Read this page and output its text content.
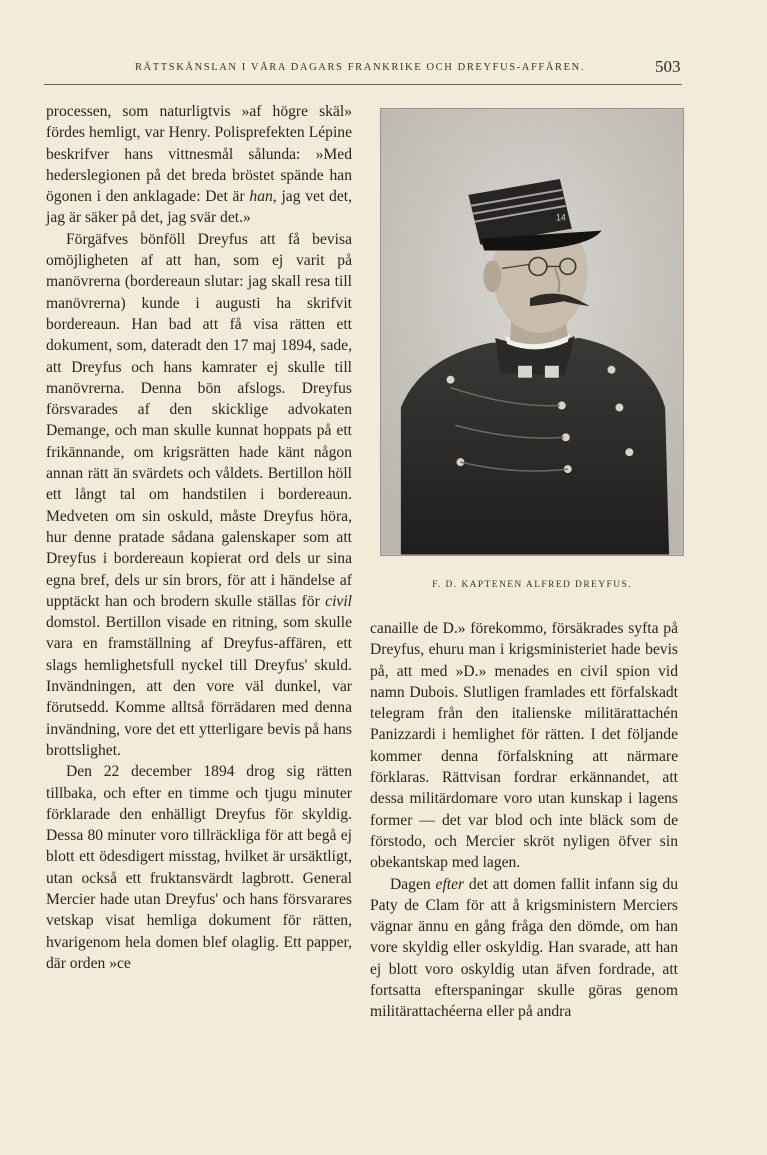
RÄTTSKÄNSLAN I VÅRA DAGARS FRANKRIKE OCH DREYFUS-AFFÄREN.	503

processen, som naturligtvis »af högre skäl» fördes hemligt, var Henry. Polisprefekten Lépine beskrifver hans vittnesmål sålunda: »Med hederslegionen på det breda bröstet spände han ögonen i den anklagade: Det är han, jag vet det, jag är säker på det, jag svär det.»

Förgäfves bönföll Dreyfus att få bevisa omöjligheten af att han, som ej varit på manövrerna (bordereaun slutar: jag skall resa till manövrerna) kunde i augusti ha skrifvit bordereaun. Han bad att få visa rätten ett dokument, som, dateradt den 17 maj 1894, sade, att Dreyfus och hans kamrater ej skulle till manövrerna. Denna bön afslogs. Dreyfus försvarades af den skicklige advokaten Demange, och man skulle kunnat hoppats på ett frikännande, om krigsrätten hade känt någon annan rätt än svärdets och våldets. Bertillon höll ett långt tal om handstilen i bordereaun. Medveten om sin oskuld, måste Dreyfus höra, hur denne pratade sådana galenskaper som att Dreyfus i bordereaun kopierat ord dels ur sina egna bref, dels ur sin brors, för att i händelse af upptäckt han och brodern skulle ställas för civil domstol. Bertillon visade en ritning, som skulle vara en framställning af Dreyfus-affären, ett slags hemlighetsfull nyckel till Dreyfus' skuld. Invändningen, att den vore väl dunkel, var förutsedd. Komme alltså förrädaren med denna invändning, vore det ett ytterligare bevis på hans brottslighet.

Den 22 december 1894 drog sig rätten tillbaka, och efter en timme och tjugu minuter förklarade den enhälligt Dreyfus för skyldig. Dessa 80 minuter voro tillräckliga för att begå ej blott ett ödesdigert misstag, hvilket är ursäktligt, utan också ett fruktansvärdt lagbrott. General Mercier hade utan Dreyfus' och hans försvarares vetskap visat hemliga dokument för rätten, hvarigenom hela domen blef olaglig. Ett papper, där orden »ce

14
F. D. KAPTENEN ALFRED DREYFUS.

canaille de D.» förekommo, försäkrades syfta på Dreyfus, ehuru man i krigsministeriet hade bevis på, att med »D.» menades en civil spion vid namn Dubois. Slutligen framlades ett förfalskadt telegram från den italienske militärattachén Panizzardi i hemlighet för rätten. I det följande kommer denna förfalskning att närmare förklaras. Rättvisan fordrar erkännandet, att dessa militärdomare voro utan kunskap i lagens former — det var blod och inte bläck som de förstodo, och Mercier skröt nyligen öfver sin obekantskap med lagen.

Dagen efter det att domen fallit infann sig du Paty de Clam för att å krigsministern Merciers vägnar ännu en gång fråga den dömde, om han vore skyldig eller oskyldig. Han svarade, att han ej blott voro oskyldig utan äfven fordrade, att fortsatta efterspaningar skulle göras genom militärattachéerna eller på andra
